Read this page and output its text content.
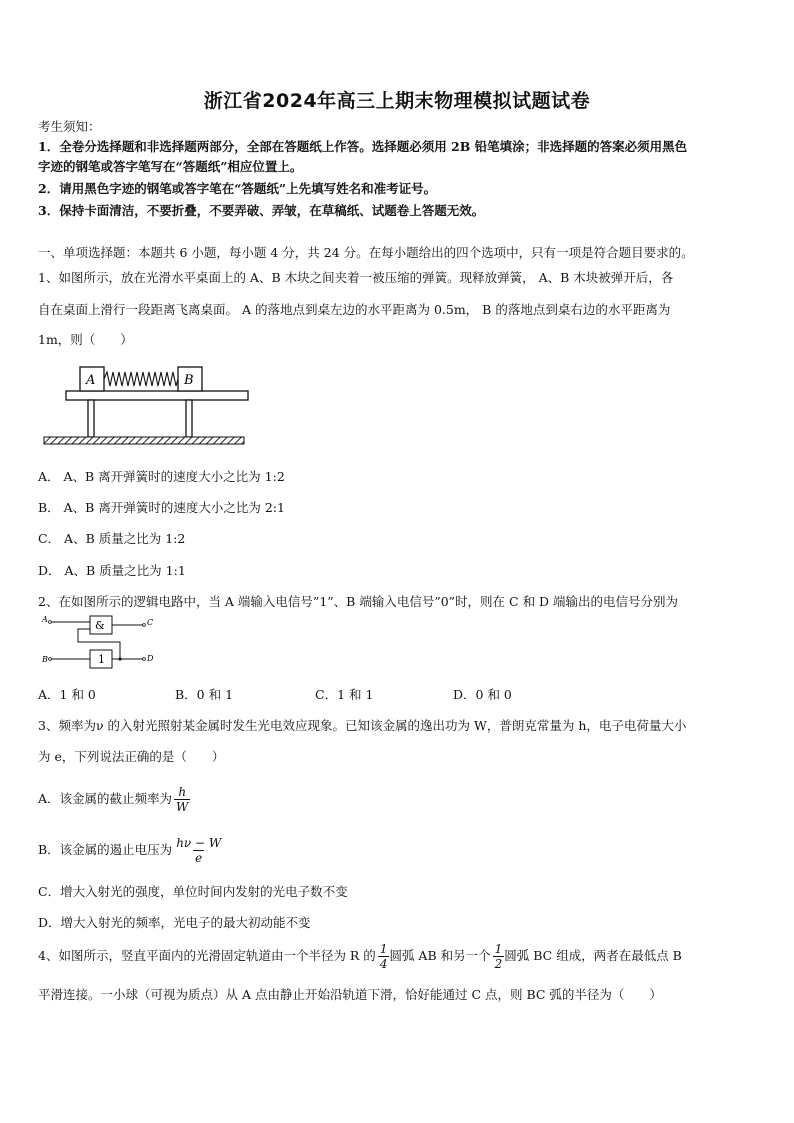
浙江省2024年高三上期末物理模拟试题试卷
考生须知：
1．全卷分选择题和非选择题两部分，全部在答题纸上作答。选择题必须用 2B 铅笔填涂；非选择题的答案必须用黑色
字迹的钢笔或答字笔写在“答题纸”相应位置上。
2．请用黑色字迹的钢笔或答字笔在“答题纸”上先填写姓名和准考证号。
3．保持卡面清洁，不要折叠，不要弄破、弄皱，在草稿纸、试题卷上答题无效。
一、单项选择题：本题共 6 小题，每小题 4 分，共 24 分。在每小题给出的四个选项中，只有一项是符合题目要求的。
1、如图所示，放在光滑水平桌面上的 A、B 木块之间夹着一被压缩的弹簧。现释放弹簧， A、B 木块被弹开后，各
自在桌面上滑行一段距离飞离桌面。 A 的落地点到桌左边的水平距离为 0.5m， B 的落地点到桌右边的水平距离为
1m，则（　　）
A	B
A． A、B 离开弹簧时的速度大小之比为 1:2
B． A、B 离开弹簧时的速度大小之比为 2:1
C． A、B 质量之比为 1:2
D． A、B 质量之比为 1:1
2、在如图所示的逻辑电路中，当 A 端输入电信号”1”、B 端输入电信号”0”时，则在 C 和 D 端输出的电信号分别为
&
1
A
B
C
D
A．1 和 0	B．0 和 1	C．1 和 1	D．0 和 0
3、频率为ν 的入射光照射某金属时发生光电效应现象。已知该金属的逸出功为 W，普朗克常量为 h，电子电荷量大小
为 e，下列说法正确的是（　　）
A．该金属的截止频率为 $\frac{h}{W}$
B．该金属的遏止电压为 $\frac{h\nu - W}{e}$
C．增大入射光的强度，单位时间内发射的光电子数不变
D．增大入射光的频率，光电子的最大初动能不变
4、如图所示，竖直平面内的光滑固定轨道由一个半径为 R 的 $\frac{1}{4}$ 圆弧 AB 和另一个 $\frac{1}{2}$ 圆弧 BC 组成，两者在最低点 B
平滑连接。一小球（可视为质点）从 A 点由静止开始沿轨道下滑，恰好能通过 C 点，则 BC 弧的半径为（　　）
